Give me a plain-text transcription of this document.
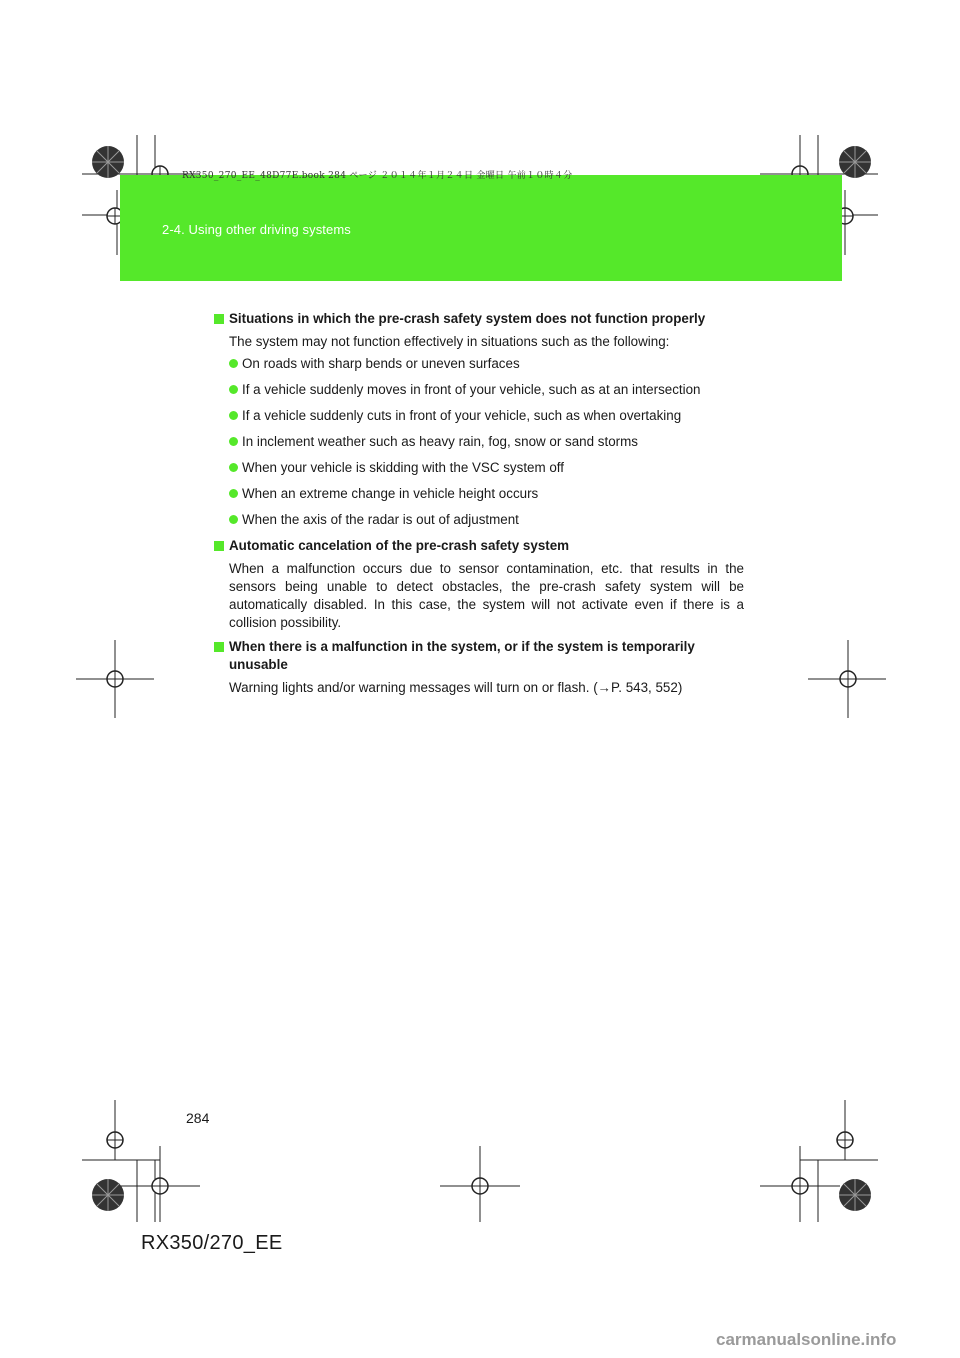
RX350_270_EE_48D77E.book 284 ページ ２０１４年１月２４日 金曜日 午前１０時４分
2-4. Using other driving systems
Situations in which the pre-crash safety system does not function properly
The system may not function effectively in situations such as the following:
On roads with sharp bends or uneven surfaces
If a vehicle suddenly moves in front of your vehicle, such as at an intersection
If a vehicle suddenly cuts in front of your vehicle, such as when overtaking
In inclement weather such as heavy rain, fog, snow or sand storms
When your vehicle is skidding with the VSC system off
When an extreme change in vehicle height occurs
When the axis of the radar is out of adjustment
Automatic cancelation of the pre-crash safety system
When a malfunction occurs due to sensor contamination, etc. that results in the sensors being unable to detect obstacles, the pre-crash safety system will be automatically disabled. In this case, the system will not activate even if there is a collision possibility.
When there is a malfunction in the system, or if the system is temporarily unusable
Warning lights and/or warning messages will turn on or flash. (→P. 543, 552)
284
RX350/270_EE
carmanualsonline.info
